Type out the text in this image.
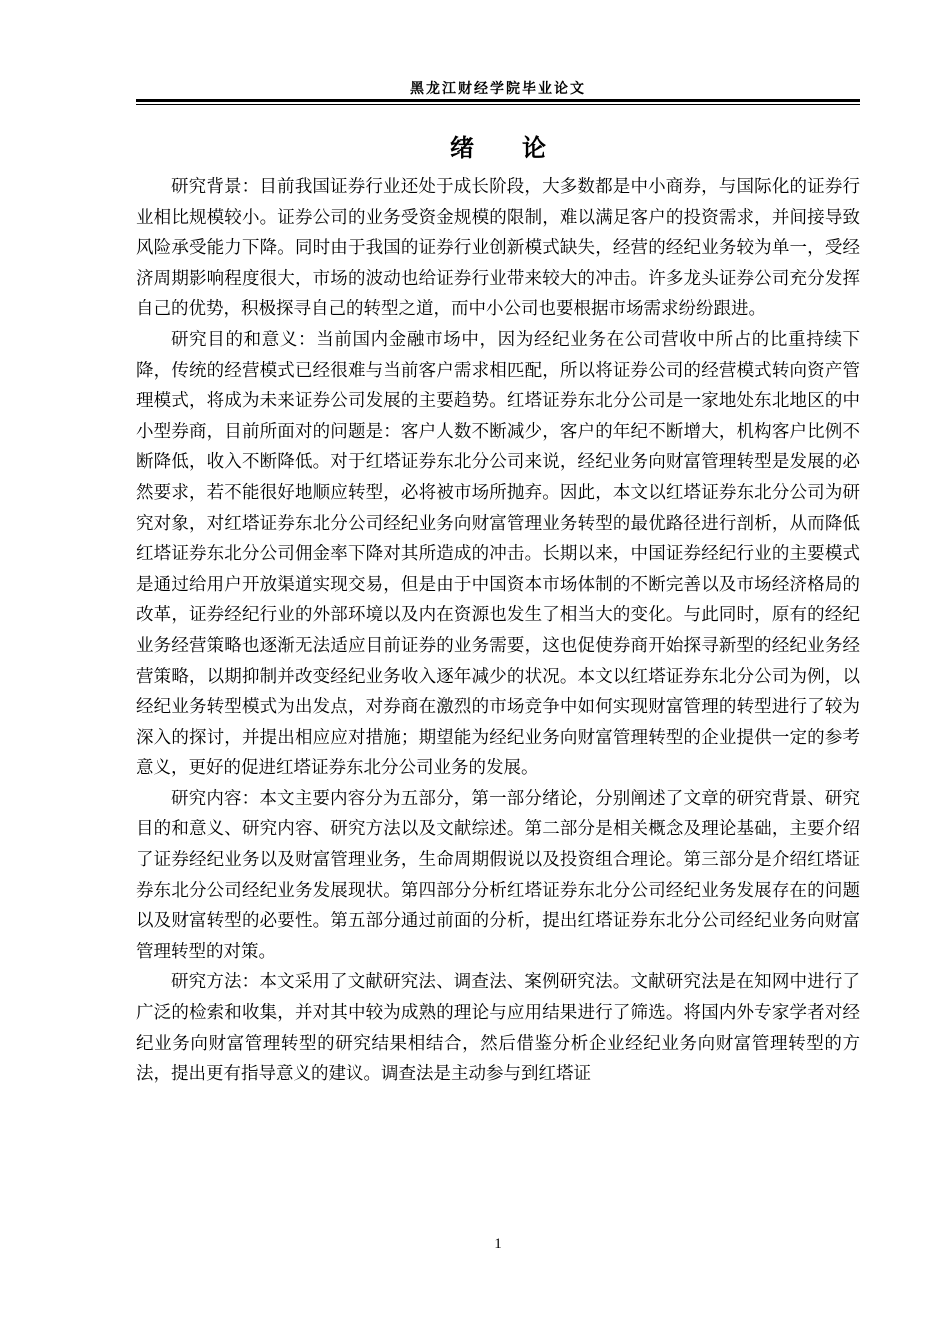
黑龙江财经学院毕业论文
绪论

研究背景：目前我国证券行业还处于成长阶段，大多数都是中小商券，与国际化的证券行业相比规模较小。证券公司的业务受资金规模的限制，难以满足客户的投资需求，并间接导致风险承受能力下降。同时由于我国的证券行业创新模式缺失，经营的经纪业务较为单一，受经济周期影响程度很大，市场的波动也给证券行业带来较大的冲击。许多龙头证券公司充分发挥自己的优势，积极探寻自己的转型之道，而中小公司也要根据市场需求纷纷跟进。

研究目的和意义：当前国内金融市场中，因为经纪业务在公司营收中所占的比重持续下降，传统的经营模式已经很难与当前客户需求相匹配，所以将证券公司的经营模式转向资产管理模式，将成为未来证券公司发展的主要趋势。红塔证券东北分公司是一家地处东北地区的中小型券商，目前所面对的问题是：客户人数不断减少，客户的年纪不断增大，机构客户比例不断降低，收入不断降低。对于红塔证券东北分公司来说，经纪业务向财富管理转型是发展的必然要求，若不能很好地顺应转型，必将被市场所抛弃。因此，本文以红塔证券东北分公司为研究对象，对红塔证券东北分公司经纪业务向财富管理业务转型的最优路径进行剖析，从而降低红塔证券东北分公司佣金率下降对其所造成的冲击。长期以来，中国证券经纪行业的主要模式是通过给用户开放渠道实现交易，但是由于中国资本市场体制的不断完善以及市场经济格局的改革，证券经纪行业的外部环境以及内在资源也发生了相当大的变化。与此同时，原有的经纪业务经营策略也逐渐无法适应目前证券的业务需要，这也促使券商开始探寻新型的经纪业务经营策略，以期抑制并改变经纪业务收入逐年减少的状况。本文以红塔证券东北分公司为例，以经纪业务转型模式为出发点，对券商在激烈的市场竞争中如何实现财富管理的转型进行了较为深入的探讨，并提出相应应对措施；期望能为经纪业务向财富管理转型的企业提供一定的参考意义，更好的促进红塔证券东北分公司业务的发展。

研究内容：本文主要内容分为五部分，第一部分绪论，分别阐述了文章的研究背景、研究目的和意义、研究内容、研究方法以及文献综述。第二部分是相关概念及理论基础，主要介绍了证券经纪业务以及财富管理业务，生命周期假说以及投资组合理论。第三部分是介绍红塔证券东北分公司经纪业务发展现状。第四部分分析红塔证券东北分公司经纪业务发展存在的问题以及财富转型的必要性。第五部分通过前面的分析，提出红塔证券东北分公司经纪业务向财富管理转型的对策。

研究方法：本文采用了文献研究法、调查法、案例研究法。文献研究法是在知网中进行了广泛的检索和收集，并对其中较为成熟的理论与应用结果进行了筛选。将国内外专家学者对经纪业务向财富管理转型的研究结果相结合，然后借鉴分析企业经纪业务向财富管理转型的方法，提出更有指导意义的建议。调查法是主动参与到红塔证

1
